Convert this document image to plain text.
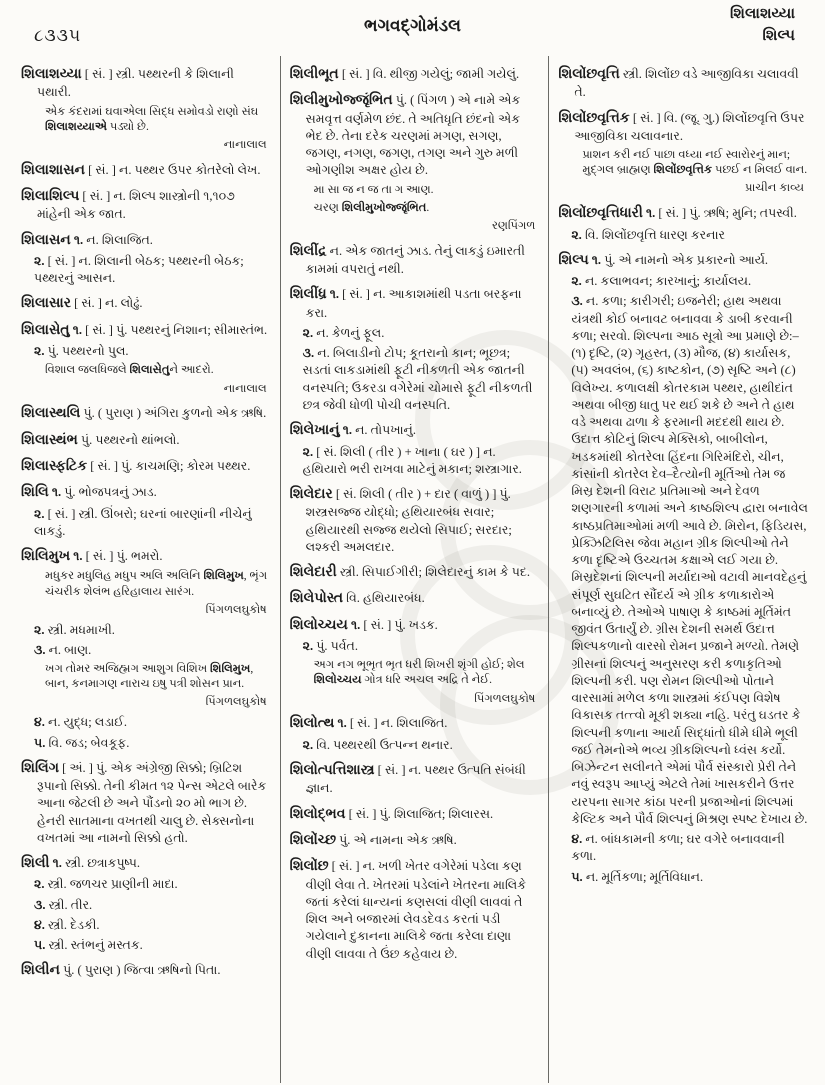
૮૩૩૫
ભગવદ્ગોમંડલ
શિલાશય્યા
શિલ્પ

શિલાશય્યા [ સં. ] સ્ત્રી. પથ્થરની કે શિલાની પથારી.

એક કંદરામાં ઘવાએલા સિદ્ધ સમોવડો રાણો સંઘ શિલાશય્યાએ પડ્યો છે.

નાનાલાલ

શિલાશાસન [ સં. ] ન. પથ્થર ઉપર કોતરેલો લેખ.

શિલાશિલ્પ [ સં. ] ન. શિલ્પ શાસ્ત્રોની ૧,૧૦૭ માંહેની એક જાત.

શિલાસન ૧. ન. શિલાજિત.

૨. [ સં. ] ન. શિલાની બેઠક; પથ્થરની બેઠક; પથ્થરનું આસન.

શિલાસાર [ સં. ] ન. લોઢું.

શિલાસેતુ ૧. [ સં. ] પું. પથ્થરનું નિશાન; સીમાસ્તંભ.

૨. પું. પથ્થરનો પુલ.

વિશાલ જલધિજલે શિલાસેતુને આદરો.

નાનાલાલ

શિલાસ્થલિ પું. ( પુરાણ ) અંગિરા કુળનો એક ઋષિ.

શિલાસ્થંભ પું. પથ્થરનો થાંભલો.

શિલાસ્ફટિક [ સં. ] પું. કાચમણિ; કોરમ પથ્થર.

શિલિ ૧. પું. ભોજપત્રનું ઝાડ.

૨. [ સં. ] સ્ત્રી. ઊંબરો; ઘરનાં બારણાંની નીચેનું લાકડું.

શિલિમુખ ૧. [ સં. ] પું. ભમરો.

મધુકર મધુલિહ મધુપ અલિ અલિનિ શિલિમુખ, ભૃંગ ચંચરીક શેલંભ હરિહાલાય સારંગ.

પિંગળલઘુકોષ

૨. સ્ત્રી. મધમાખી.

૩. ન. બાણ.

ખગ તોમર અજિહ્મગ આશુગ વિશિખ શિલિમુખ, બાન, કનમાગણ નારાચ ઇષુ પત્રી શોસન પ્રાન.

પિંગળલઘુકોષ

૪. ન. યુદ્ધ; લડાઈ.

૫. વિ. જડ; બેવકૂફ.

શિલિંગ [ અં. ] પું. એક અંગ્રેજી સિક્કો; બ્રિટિશ રૂપાનો સિક્કો. તેની કીમત ૧૨ પેન્સ એટલે બારેક આના જેટલી છે અને પૌંડનો ૨૦ મો ભાગ છે. હેનરી સાતમાના વખતથી ચાલુ છે. સેક્સનોના વખતમાં આ નામનો સિક્કો હતો.

શિલી ૧. સ્ત્રી. છત્રાકપુષ્પ.

૨. સ્ત્રી. જળચર પ્રાણીની માદા.

૩. સ્ત્રી. તીર.

૪. સ્ત્રી. દેડકી.

૫. સ્ત્રી. સ્તંભનું મસ્તક.

શિલીન પું. ( પુરાણ ) જિત્વા ઋષિનો પિતા.

શિલીભૂત [ સં. ] વિ. થીજી ગયેલું; જામી ગયેલું.

શિલીમુખોજ્જૃંભિત પું. ( પિંગળ ) એ નામે એક સમવૃત્ત વર્ણમેળ છંદ. તે અતિધૃતિ છંદનો એક ભેદ છે. તેના દરેક ચરણમાં મગણ, સગણ, જગણ, નગણ, જગણ, તગણ અને ગુરુ મળી ઓગણીશ અક્ષર હોય છે.

મા સા જ ન જ તા ગ આણ.

ચરણ શિલીમુખોજ્જૃંભિત.

રણપિંગળ

શિલીંદ્ર ન. એક જાતનું ઝાડ. તેનું લાકડું ઇમારતી કામમાં વપરાતું નથી.

શિલીંધ્ર ૧. [ સં. ] ન. આકાશમાંથી પડતા બરફના કરા.

૨. ન. કેળનું ફૂલ.

૩. ન. બિલાડીનો ટોપ; કૂતરાનો કાન; ભૂછત્ર; સડતાં લાકડામાંથી ફૂટી નીકળતી એક જાતની વનસ્પતિ; ઉકરડા વગેરેમાં ચોમાસે ફૂટી નીકળતી છત્ર જેવી ધોળી પોચી વનસ્પતિ.

શિલેખાનું ૧. ન. તોપખાનું.

૨. [ સં. શિલી ( તીર ) + ખાના ( ઘર ) ] ન. હથિયારો ભરી રાખવા માટેનું મકાન; શસ્ત્રાગાર.

શિલેદાર [ સં. શિલી ( તીર ) + દાર ( વાળું ) ] પું. શસ્ત્રસજ્જ યોદ્ધો; હથિયારબંધ સવાર; હથિયારથી સજ્જ થયેલો સિપાઈ; સરદાર; લશ્કરી અમલદાર.

શિલેદારી સ્ત્રી. સિપાઈગીરી; શિલેદારનું કામ કે પદ.

શિલેપોસ્ત વિ. હથિયારબંધ.

શિલોચ્ચય ૧. [ સં. ] પું. ખડક.

૨. પું. પર્વત.

અગ નગ ભૂભૃત ભૃત ધરી શિખરી શૃંગી હોઈ; શેલ શિલોચ્ચય ગોત્ર ધરિ અચલ અદ્રિ તે નેઈ.

પિંગળલઘુકોષ

શિલોત્થ ૧. [ સં. ] ન. શિલાજિત.

૨. વિ. પથ્થરથી ઉત્પન્ન થનાર.

શિલોત્પત્તિશાસ્ત્ર [ સં. ] ન. પથ્થર ઉત્પતિ સંબંધી જ્ઞાન.

શિલોદ્ભવ [ સં. ] પું. શિલાજિત; શિલારસ.

શિલોંચ્છ પું. એ નામના એક ઋષિ.

શિલોંછ [ સં. ] ન. ખળી ખેતર વગેરેમાં પડેલા કણ વીણી લેવા તે. ખેતરમાં પડેલાંને ખેતરના માલિકે જતાં કરેલાં ધાન્યનાં કણસલાં વીણી લાવવાં તે શિલ અને બજારમાં લેવડદેવડ કરતાં પડી ગયેલાને દુકાનના માલિકે જતા કરેલા દાણા વીણી લાવવા તે ઉંછ કહેવાય છે.

શિલોંછવૃત્તિ સ્ત્રી. શિલોંછ વડે આજીવિકા ચલાવવી તે.

શિલોંછવૃત્તિક [ સં. ] વિ. (જૂ. ગુ.) શિલોંછવૃત્તિ ઉપર આજીવિકા ચલાવનાર.

પ્રાશન કરી નઈ પાછા વધ્યા નઈ સ્વારોરનું માન; મુદ્ગલ બ્રાહ્મણ શિલોંછવૃત્તિક પછઈ ન મિલઈ વાન.

પ્રાચીન કાવ્ય

શિલોંછવૃત્તિધારી ૧. [ સં. ] પું. ઋષિ; મુનિ; તપસ્વી.

૨. વિ. શિલોંછવૃત્તિ ધારણ કરનાર

શિલ્પ ૧. પું. એ નામનો એક પ્રકારનો આર્ય.

૨. ન. કલાભવન; કારખાનું; કાર્યાલય.

૩. ન. કળા; કારીગરી; ઇજનેરી; હાથ અથવા યંત્રથી કોઈ બનાવટ બનાવવા કે ડાબી કરવાની કળા; સરવો. શિલ્પના આઠ સૂત્રો આ પ્રમાણે છે:– (૧) દૃષ્ટિ, (૨) ગૃહસ્ત, (૩) મૌજ, (૪) કાર્યાસક, (૫) અવલંબ, (૬) કાષ્ટકોન, (૭) સૃષ્ટિ અને (૮) વિલેખ્ય. કળાલક્ષી કોતરકામ પથ્થર, હાથીદાંત અથવા બીજી ધાતુ પર થઈ શકે છે અને તે હાથ વડે અથવા ઢાળા કે ફરમાની મદદથી થાય છે. ઉદાત્ત કોટિનું શિલ્પ મેક્સિકો, બાબીલોન, ખડકમાંથી કોતરેલા હિંદના ગિરિમંદિરો, ચીન, કાંસાંની કોતરેલ દેવ–દૈત્યોની મૂર્તિઓ તેમ જ મિસ્ર દેશની વિરાટ પ્રતિમાઓ અને દેવળ શણગારની કળામાં અને કાષ્ઠશિલ્પ દ્વારા બનાવેલ કાષ્ઠપ્રતિમાઓમાં મળી આવે છે. મિરોન, ફિડિયસ, પ્રેક્ઝિટિલિસ જેવા મહાન ગ્રીક શિલ્પીઓ તેને કળા દૃષ્ટિએ ઉચ્ચતમ કક્ષાએ લઈ ગયા છે. મિસ્રદેશનાં શિલ્પની મર્યાદાઓ વટાવી માનવદેહનું સંપૂર્ણ સુઘટિત સૌંદર્ય એ ગ્રીક કળાકારોએ બનાવ્યું છે. તેઓએ પાષાણ કે કાષ્ઠમાં મૂર્તિમંત જીવંત ઉતાર્યું છે. ગ્રીસ દેશની સમર્થ ઉદાત્ત શિલ્પકળાનો વારસો રોમન પ્રજાને મળ્યો. તેમણે ગ્રીસનાં શિલ્પનું અનુસરણ કરી કળાકૃતિઓ શિલ્પની કરી. પણ રોમન શિલ્પીઓ પોતાને વારસામાં મળેલ કળા શાસ્ત્રમાં કંઈપણ વિશેષ વિકાસક તત્ત્વો મૂકી શક્યા નહિ. પરંતુ ઘડતર કે શિલ્પની કળાના આર્યા સિદ્ધાંતો ધીમે ધીમે ભૂલી જઈ તેમનોએ ભવ્ય ગ્રીકશિલ્પનો ધ્વંસ કર્યો. બિઝેન્ટન સલીનતે એમાં પૌર્વ સંસ્કારો પ્રેરી તેને નવું સ્વરૂપ આપ્યું એટલે તેમાં ખાસકરીને ઉત્તર યરપના સાગર કાંઠા પરની પ્રજાઓનાં શિલ્પમાં કેલ્ટિક અને પૌર્વ શિલ્પનું મિશ્રણ સ્પષ્ટ દેખાય છે.

૪. ન. બાંધકામની કળા; ઘર વગેરે બનાવવાની કળા.

૫. ન. મૂર્તિકળા; મૂર્તિવિધાન.
